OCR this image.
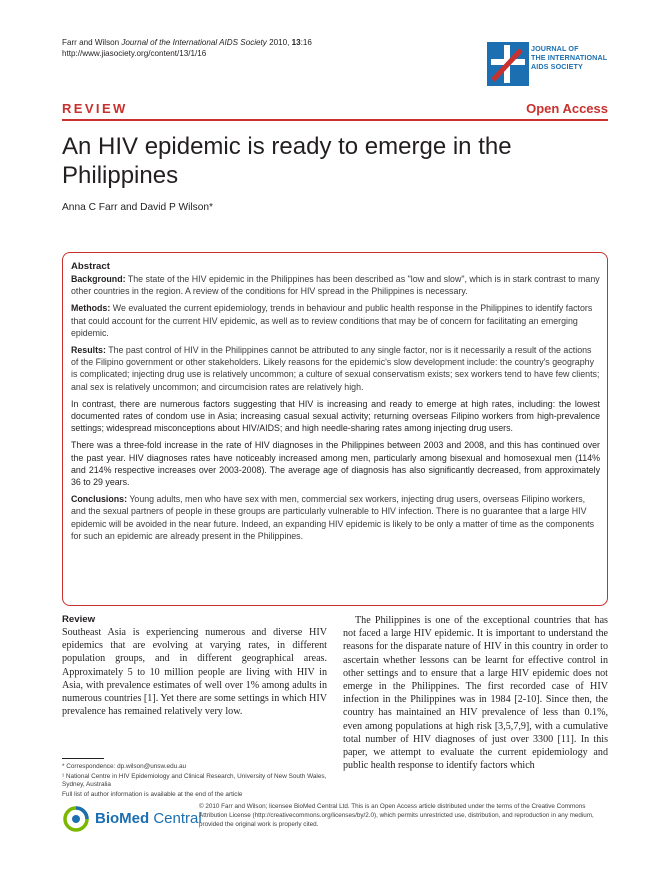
Farr and Wilson Journal of the International AIDS Society 2010, 13:16
http://www.jiasociety.org/content/13/1/16
JOURNAL OF
THE INTERNATIONAL
AIDS SOCIETY
REVIEW	Open Access
An HIV epidemic is ready to emerge in the Philippines
Anna C Farr and David P Wilson*
Abstract

Background: The state of the HIV epidemic in the Philippines has been described as "low and slow", which is in stark contrast to many other countries in the region. A review of the conditions for HIV spread in the Philippines is necessary.

Methods: We evaluated the current epidemiology, trends in behaviour and public health response in the Philippines to identify factors that could account for the current HIV epidemic, as well as to review conditions that may be of concern for facilitating an emerging epidemic.

Results: The past control of HIV in the Philippines cannot be attributed to any single factor, nor is it necessarily a result of the actions of the Filipino government or other stakeholders. Likely reasons for the epidemic's slow development include: the country's geography is complicated; injecting drug use is relatively uncommon; a culture of sexual conservatism exists; sex workers tend to have few clients; anal sex is relatively uncommon; and circumcision rates are relatively high.

In contrast, there are numerous factors suggesting that HIV is increasing and ready to emerge at high rates, including: the lowest documented rates of condom use in Asia; increasing casual sexual activity; returning overseas Filipino workers from high-prevalence settings; widespread misconceptions about HIV/AIDS; and high needle-sharing rates among injecting drug users.

There was a three-fold increase in the rate of HIV diagnoses in the Philippines between 2003 and 2008, and this has continued over the past year. HIV diagnoses rates have noticeably increased among men, particularly among bisexual and homosexual men (114% and 214% respective increases over 2003-2008). The average age of diagnosis has also significantly decreased, from approximately 36 to 29 years.

Conclusions: Young adults, men who have sex with men, commercial sex workers, injecting drug users, overseas Filipino workers, and the sexual partners of people in these groups are particularly vulnerable to HIV infection. There is no guarantee that a large HIV epidemic will be avoided in the near future. Indeed, an expanding HIV epidemic is likely to be only a matter of time as the components for such an epidemic are already present in the Philippines.

Review

Southeast Asia is experiencing numerous and diverse HIV epidemics that are evolving at varying rates, in different population groups, and in different geographical areas. Approximately 5 to 10 million people are living with HIV in Asia, with prevalence estimates of well over 1% among adults in numerous countries [1]. Yet there are some settings in which HIV prevalence has remained relatively very low.

The Philippines is one of the exceptional countries that has not faced a large HIV epidemic. It is important to understand the reasons for the disparate nature of HIV in this country in order to ascertain whether lessons can be learnt for effective control in other settings and to ensure that a large HIV epidemic does not emerge in the Philippines. The first recorded case of HIV infection in the Philippines was in 1984 [2-10]. Since then, the country has maintained an HIV prevalence of less than 0.1%, even among populations at high risk [3,5,7,9], with a cumulative total number of HIV diagnoses of just over 3300 [11]. In this paper, we attempt to evaluate the current epidemiology and public health response to identify factors which

* Correspondence: dp.wilson@unsw.edu.au
¹ National Centre in HIV Epidemiology and Clinical Research, University of New South Wales, Sydney, Australia
Full list of author information is available at the end of the article
BioMed Central
© 2010 Farr and Wilson; licensee BioMed Central Ltd. This is an Open Access article distributed under the terms of the Creative Commons Attribution License (http://creativecommons.org/licenses/by/2.0), which permits unrestricted use, distribution, and reproduction in any medium, provided the original work is properly cited.
